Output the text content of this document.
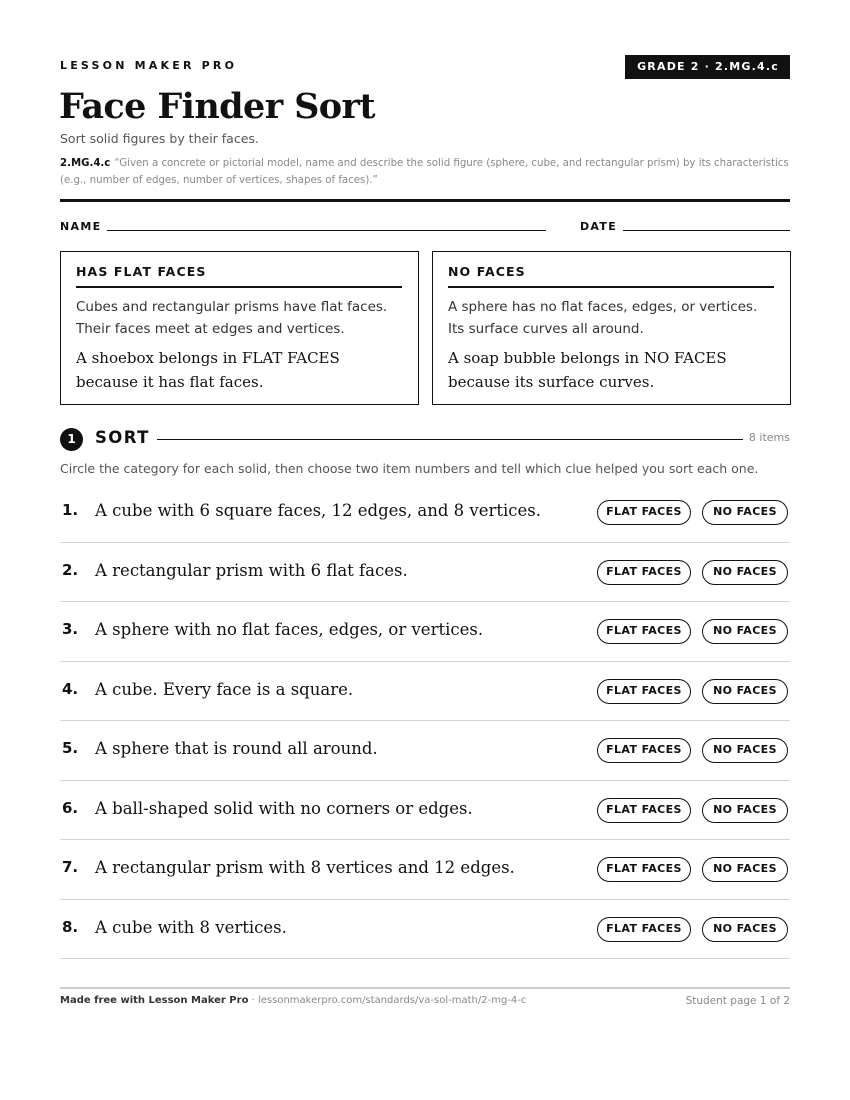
LESSON MAKER PRO	GRADE 2 · 2.MG.4.c
Face Finder Sort
Sort solid figures by their faces.
2.MG.4.c “Given a concrete or pictorial model, name and describe the solid figure (sphere, cube, and rectangular prism) by its characteristics (e.g., number of edges, number of vertices, shapes of faces).”
NAME	DATE
HAS FLAT FACES
Cubes and rectangular prisms have flat faces. Their faces meet at edges and vertices.
A shoebox belongs in FLAT FACES because it has flat faces.
NO FACES
A sphere has no flat faces, edges, or vertices. Its surface curves all around.
A soap bubble belongs in NO FACES because its surface curves.
1	SORT	8 items
Circle the category for each solid, then choose two item numbers and tell which clue helped you sort each one.
1. A cube with 6 square faces, 12 edges, and 8 vertices.	FLAT FACES	NO FACES
2. A rectangular prism with 6 flat faces.	FLAT FACES	NO FACES
3. A sphere with no flat faces, edges, or vertices.	FLAT FACES	NO FACES
4. A cube. Every face is a square.	FLAT FACES	NO FACES
5. A sphere that is round all around.	FLAT FACES	NO FACES
6. A ball-shaped solid with no corners or edges.	FLAT FACES	NO FACES
7. A rectangular prism with 8 vertices and 12 edges.	FLAT FACES	NO FACES
8. A cube with 8 vertices.	FLAT FACES	NO FACES
Made free with Lesson Maker Pro · lessonmakerpro.com/standards/va-sol-math/2-mg-4-c	Student page 1 of 2
